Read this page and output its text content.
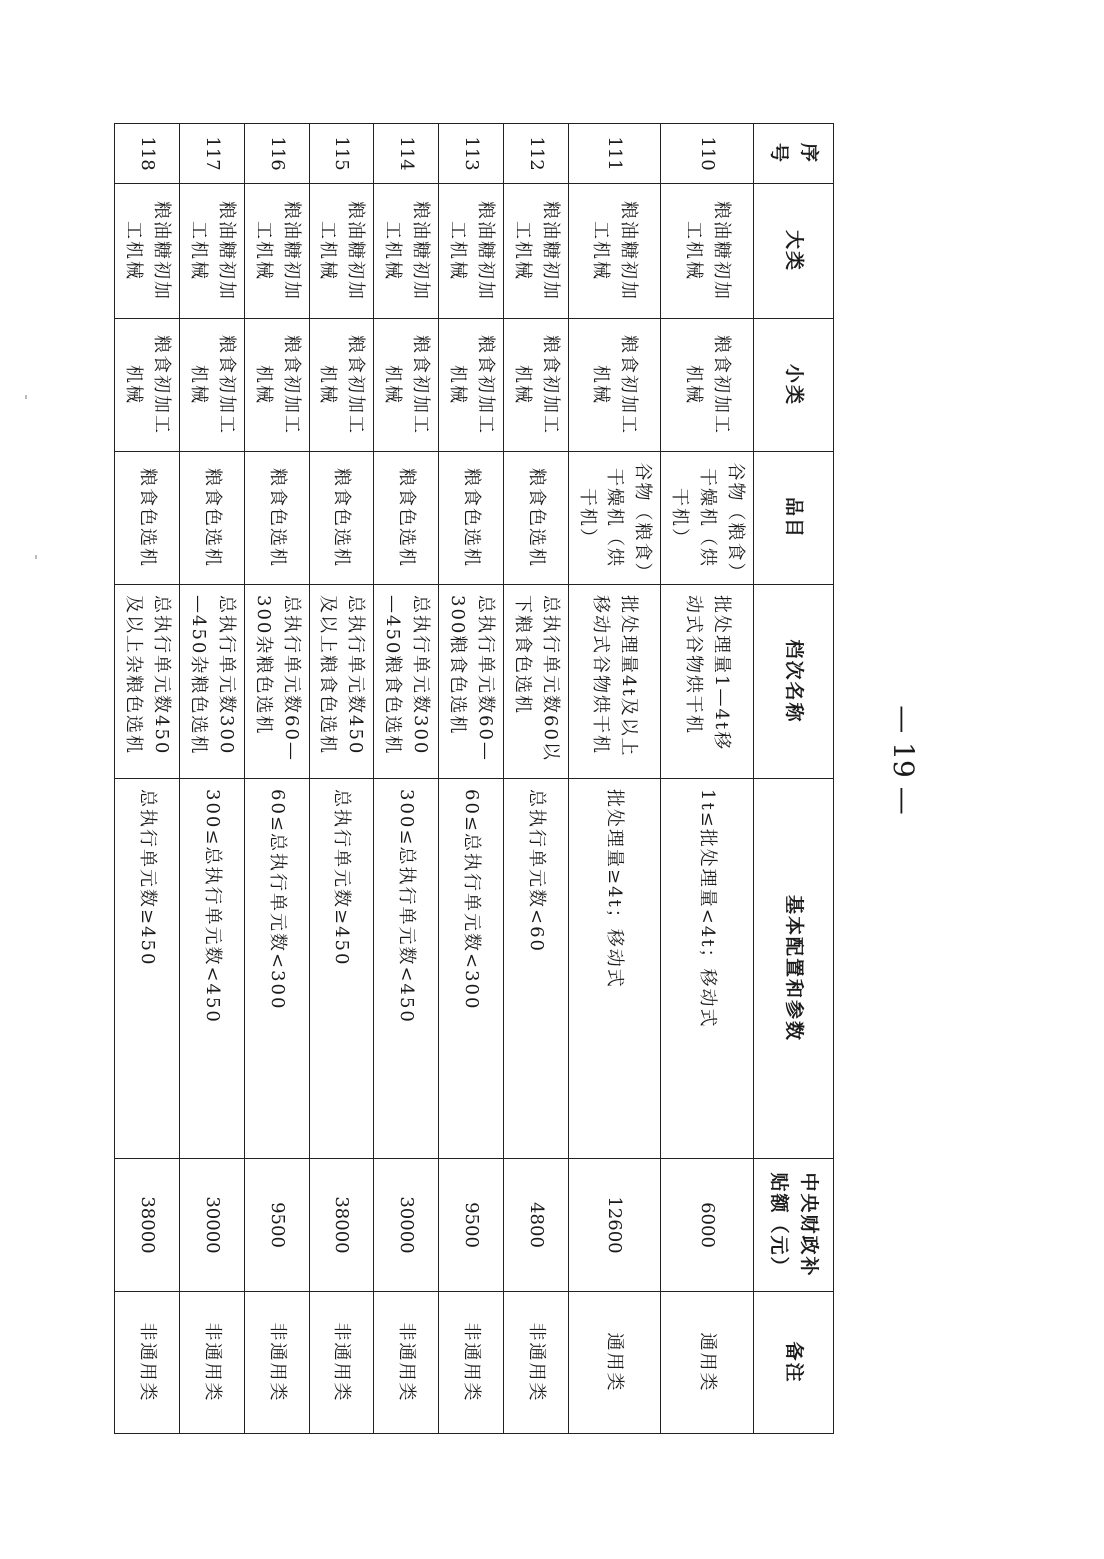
序号	大类	小类	品目	档次名称	基本配置和参数	中央财政补贴额（元）	备注
110	粮油糖初加工机械	粮食初加工机械	谷物（粮食）干燥机（烘干机）	批处理量1—4t移动式谷物烘干机	1t≤批处理量<4t；移动式	6000	通用类
111	粮油糖初加工机械	粮食初加工机械	谷物（粮食）干燥机（烘干机）	批处理量4t及以上移动式谷物烘干机	批处理量≥4t；移动式	12600	通用类
112	粮油糖初加工机械	粮食初加工机械	粮食色选机	总执行单元数60以下粮食色选机	总执行单元数<60	4800	非通用类
113	粮油糖初加工机械	粮食初加工机械	粮食色选机	总执行单元数60—300粮食色选机	60≤总执行单元数<300	9500	非通用类
114	粮油糖初加工机械	粮食初加工机械	粮食色选机	总执行单元数300—450粮食色选机	300≤总执行单元数<450	30000	非通用类
115	粮油糖初加工机械	粮食初加工机械	粮食色选机	总执行单元数450及以上粮食色选机	总执行单元数≥450	38000	非通用类
116	粮油糖初加工机械	粮食初加工机械	粮食色选机	总执行单元数60—300杂粮色选机	60≤总执行单元数<300	9500	非通用类
117	粮油糖初加工机械	粮食初加工机械	粮食色选机	总执行单元数300—450杂粮色选机	300≤总执行单元数<450	30000	非通用类
118	粮油糖初加工机械	粮食初加工机械	粮食色选机	总执行单元数450及以上杂粮色选机	总执行单元数≥450	38000	非通用类
— 19 —
